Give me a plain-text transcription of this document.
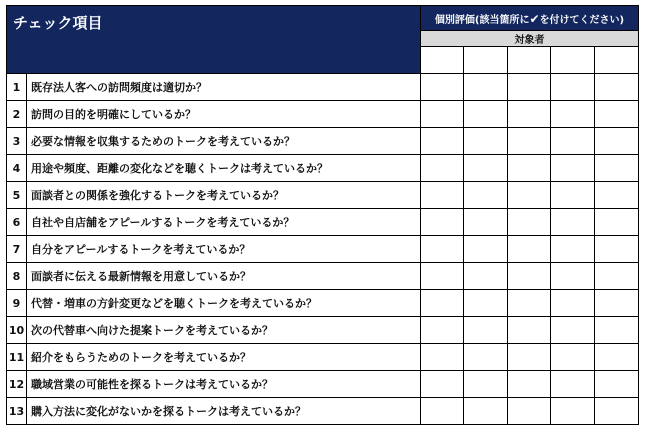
チェック項目		個別評価(該当箇所に✔を付けてください)				
		対象者				

1	既存法人客への訪問頻度は適切か？					
2	訪問の目的を明確にしているか？					
3	必要な情報を収集するためのトークを考えているか？					
4	用途や頻度、距離の変化などを聴くトークは考えているか？					
5	面談者との関係を強化するトークを考えているか？					
6	自社や自店舗をアピールするトークを考えているか？					
7	自分をアピールするトークを考えているか？					
8	面談者に伝える最新情報を用意しているか？					
9	代替・増車の方針変更などを聴くトークを考えているか？					
10	次の代替車へ向けた提案トークを考えているか？					
11	紹介をもらうためのトークを考えているか？					
12	職域営業の可能性を探るトークは考えているか？					
13	購入方法に変化がないかを探るトークは考えているか？					
